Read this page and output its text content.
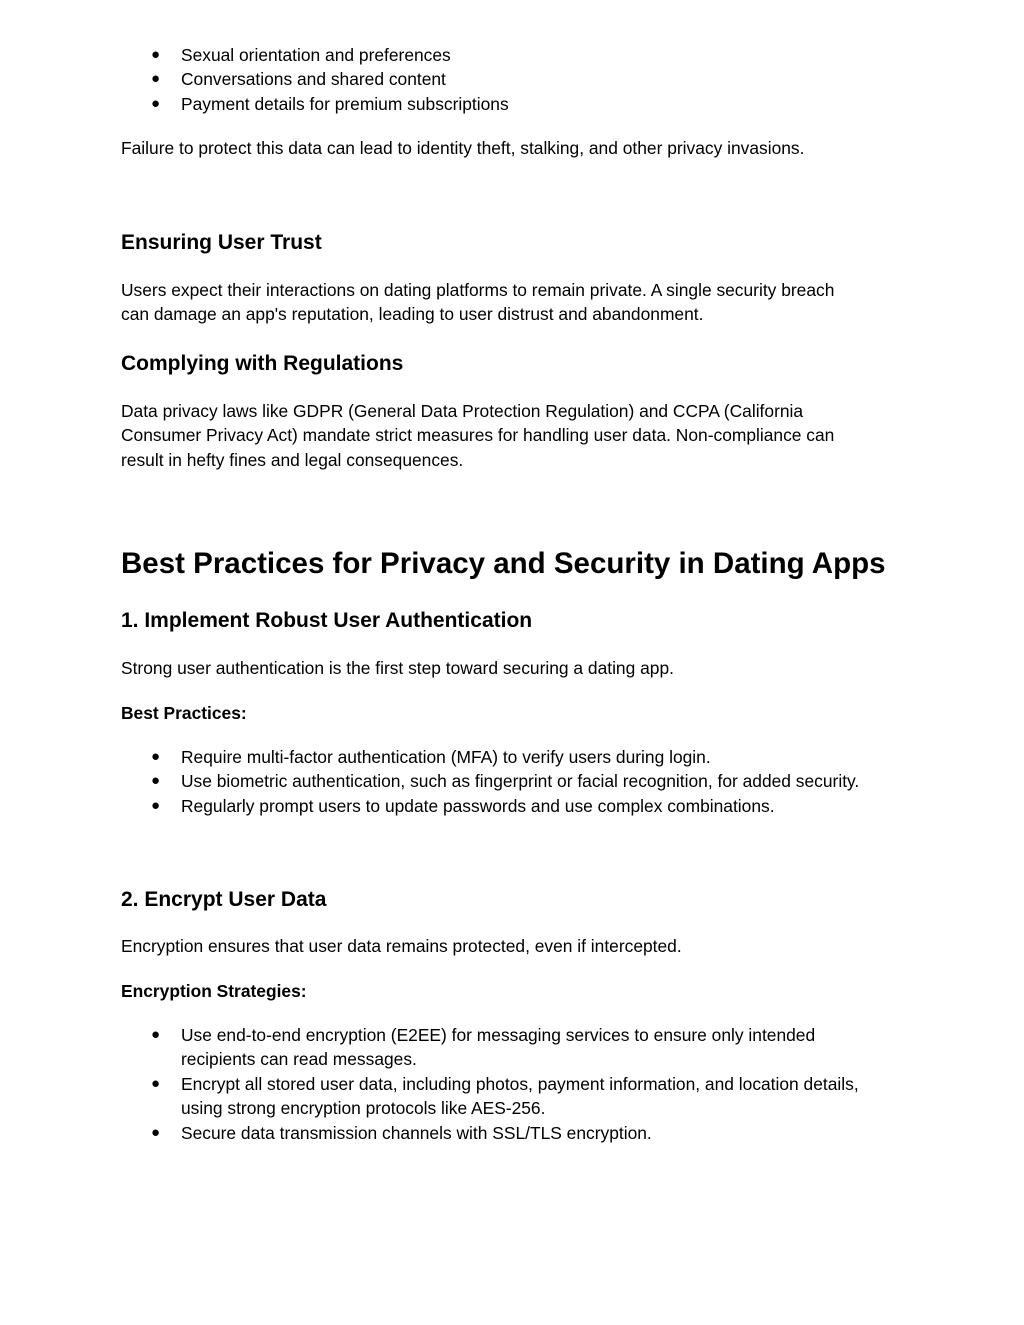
● Sexual orientation and preferences
● Conversations and shared content
● Payment details for premium subscriptions
Failure to protect this data can lead to identity theft, stalking, and other privacy invasions.
Ensuring User Trust
Users expect their interactions on dating platforms to remain private. A single security breach
can damage an app's reputation, leading to user distrust and abandonment.
Complying with Regulations
Data privacy laws like GDPR (General Data Protection Regulation) and CCPA (California
Consumer Privacy Act) mandate strict measures for handling user data. Non-compliance can
result in hefty fines and legal consequences.
Best Practices for Privacy and Security in Dating Apps
1. Implement Robust User Authentication
Strong user authentication is the first step toward securing a dating app.
Best Practices:
● Require multi-factor authentication (MFA) to verify users during login.
● Use biometric authentication, such as fingerprint or facial recognition, for added security.
● Regularly prompt users to update passwords and use complex combinations.
2. Encrypt User Data
Encryption ensures that user data remains protected, even if intercepted.
Encryption Strategies:
● Use end-to-end encryption (E2EE) for messaging services to ensure only intended
recipients can read messages.
● Encrypt all stored user data, including photos, payment information, and location details,
using strong encryption protocols like AES-256.
● Secure data transmission channels with SSL/TLS encryption.
